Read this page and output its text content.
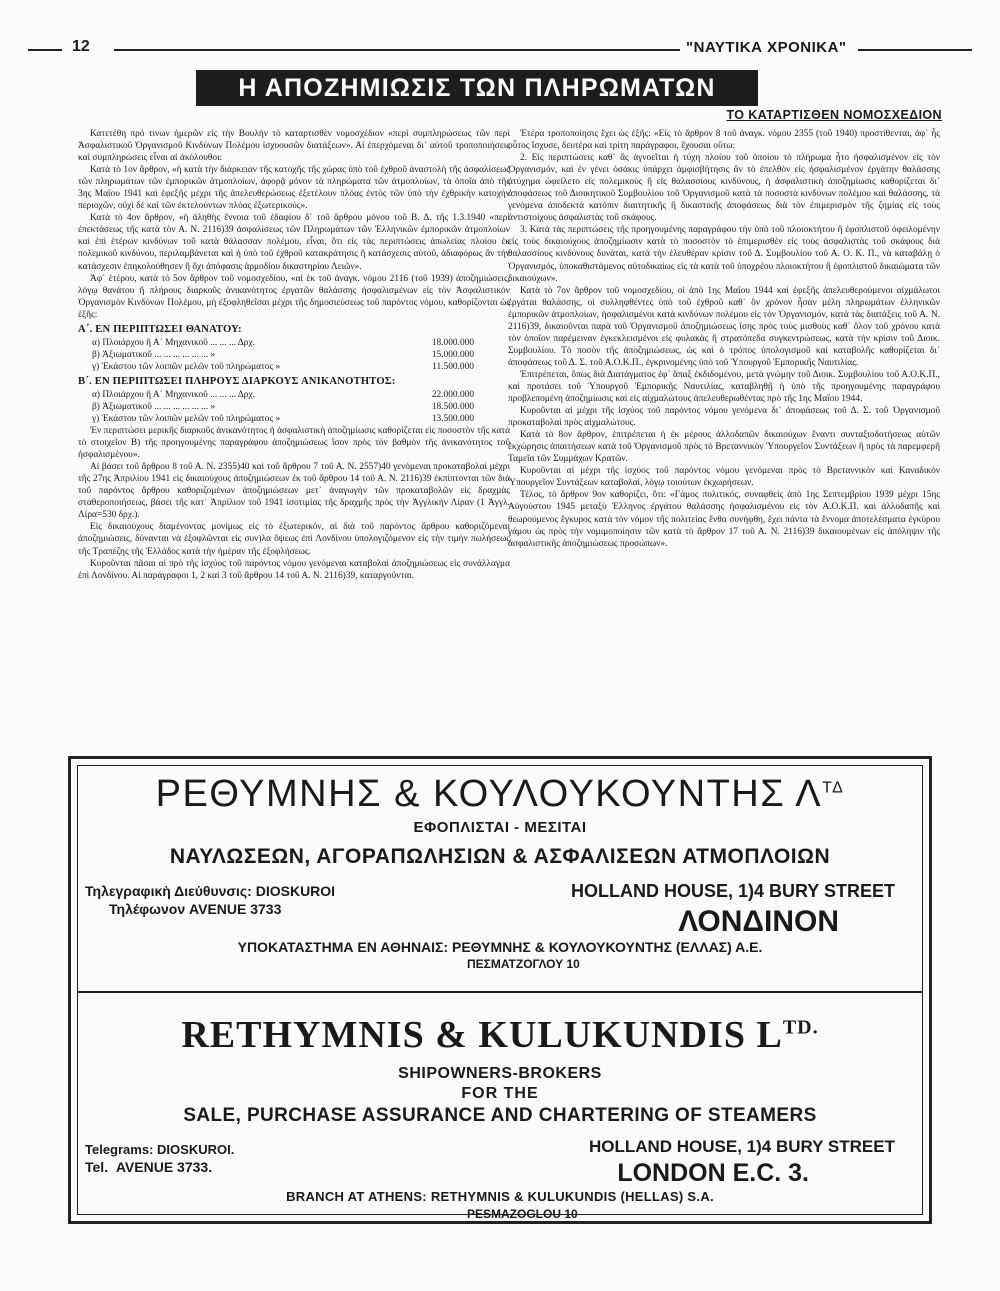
12	"ΝΑΥΤΙΚΑ ΧΡΟΝΙΚΑ"
Η ΑΠΟΖΗΜΙΩΣΙΣ ΤΩΝ ΠΛΗΡΩΜΑΤΩΝ
ΤΟ ΚΑΤΑΡΤΙΣΘΕΝ ΝΟΜΟΣΧΕΔΙΟΝ

Κατετέθη πρό τινων ἡμερῶν εἰς τὴν Βουλὴν τὸ καταρτισθὲν νομοσχέδιον «περὶ συμπληρώσεως τῶν περὶ Ἀσφαλιστικοῦ Ὀργανισμοῦ Κινδύνων Πολέμου ἰσχυουσῶν διατάξεων». Αἱ ἐπερχόμεναι δι᾽ αὐτοῦ τροποποιήσεις καὶ συμπληρώσεις εἶναι αἱ ἀκόλουθοι:

Κατὰ τὸ 1ον ἄρθρον, «ἡ κατὰ τὴν διάρκειαν τῆς κατοχῆς τῆς χώρας ὑπὸ τοῦ ἐχθροῦ ἀναστολὴ τῆς ἀσφαλίσεως τῶν πληρωμάτων τῶν ἐμπορικῶν ἀτμοπλοίων, ἀφορᾷ μόνον τὰ πληρώματα τῶν ἀτμοπλοίων, τὰ ὁποῖα ἀπὸ τῆς 3ης Μαΐου 1941 καὶ ἐφεξῆς μέχρι τῆς ἀπελευθερώσεως ἐξετέλουν πλόας ἐντὸς τῶν ὑπὸ τὴν ἐχθρικὴν κατοχὴν περιοχῶν, οὐχὶ δὲ καὶ τῶν ἐκτελούντων πλόας ἐξωτερικούς».

Κατὰ τὸ 4ον ἄρθρον, «ἡ ἀληθὴς ἔννοια τοῦ ἐδαφίου δ᾽ τοῦ ἄρθρου μόνου τοῦ Β. Δ. τῆς 1.3.1940 «περὶ ἐπεκτάσεως τῆς κατὰ τὸν Α. Ν. 2116)39 ἀσφαλίσεως τῶν Πληρωμάτων τῶν Ἑλληνικῶν ἐμπορικῶν ἀτμοπλοίων καὶ ἐπὶ ἑτέρων κινδύνων τοῦ κατὰ θάλασσαν πολέμου, εἶναι, ὅτι εἰς τὰς περιπτώσεις ἀπωλείας πλοίου ἐκ πολεμικοῦ κινδύνου, περιλαμβάνεται καὶ ἡ ὑπὸ τοῦ ἐχθροῦ κατακράτησις ἢ κατάσχεσις αὐτοῦ, ἀδιαφόρως ἂν τὴν κατάσχεσιν ἐπηκολούθησεν ἢ ὄχι ἀπόφασις ἁρμοδίου δικαστηρίου Λειῶν».

Ἀφ᾽ ἑτέρου, κατὰ τὸ 5ον ἄρθρον τοῦ νομοσχεδίου, «αἱ ἐκ τοῦ ἀναγκ. νόμου 2116 (τοῦ 1939) ἀποζημιώσεις, λόγῳ θανάτου ἢ πλήρους διαρκοῦς ἀνικανότητος ἐργατῶν θαλάσσης ἠσφαλισμένων εἰς τὸν Ἀσφαλιστικὸν Ὀργανισμὸν Κινδύνων Πολέμου, μὴ ἐξοφληθεῖσαι μέχρι τῆς δημοσιεύσεως τοῦ παρόντος νόμου, καθορίζονται ὡς ἑξῆς:

Α΄. ΕΝ ΠΕΡΙΠΤΩΣΕΙ ΘΑΝΑΤΟΥ:

α) Πλοιάρχου ἢ Α΄ Μηχανικοῦ ... ... ... Δρχ.	18.000.000
β) Ἀξιωματικοῦ ... ... ... ... ... ... »	15.000.000
γ) Ἑκάστου τῶν λοιπῶν μελῶν τοῦ πληρώματος »	11.500.000

Β΄. ΕΝ ΠΕΡΙΠΤΩΣΕΙ ΠΛΗΡΟΥΣ ΔΙΑΡΚΟΥΣ ΑΝΙΚΑΝΟΤΗΤΟΣ:

α) Πλοιάρχου ἢ Α΄ Μηχανικοῦ ... ... ... Δρχ.	22.000.000
β) Ἀξιωματικοῦ ... ... ... ... ... ... »	18.500.000
γ) Ἑκάστου τῶν λοιπῶν μελῶν τοῦ πληρώματος »	13.500.000

Ἐν περιπτώσει μερικῆς διαρκοῦς ἀνικανότητος ἡ ἀσφαλιστικὴ ἀποζημίωσις καθορίζεται εἰς ποσοστὸν τῆς κατὰ τὸ στοιχεῖον Β) τῆς προηγουμένης παραγράφου ἀποζημιώσεως ἴσον πρὸς τὸν βαθμὸν τῆς ἀνικανότητος τοῦ ἠσφαλισμένου».

Αἱ βάσει τοῦ ἄρθρου 8 τοῦ Α. Ν. 2355)40 καὶ τοῦ ἄρθρου 7 τοῦ Α. Ν. 2557)40 γενόμεναι προκαταβολαὶ μέχρι τῆς 27ης Ἀπριλίου 1941 εἰς δικαιούχους ἀποζημιώσεων ἐκ τοῦ ἄρθρου 14 τοῦ Α. Ν. 2116)39 ἐκπίπτονται τῶν διὰ τοῦ παρόντος ἄρθρου καθοριζομένων ἀποζημιώσεων μετ᾽ ἀναγωγὴν τῶν προκαταβολῶν εἰς δραχμὰς σταθεροποιήσεως, βάσει τῆς κατ᾽ Ἀπρίλιον τοῦ 1941 ἰσοτιμίας τῆς δραχμῆς πρὸς τὴν Ἀγγλικὴν Λίραν (1 Ἀγγλ. Λίρα=530 δρχ.).

Εἰς δικαιούχους διαμένοντας μονίμως εἰς τὸ ἐξωτερικόν, αἱ διὰ τοῦ παρόντος ἄρθρου καθοριζόμεναι ἀποζημιώσεις, δύνανται νὰ ἐξοφλῶνται εἰς συν)λα ὄψεως ἐπὶ Λονδίνου ὑπολογιζόμενον εἰς τὴν τιμὴν πωλήσεως τῆς Τραπέζης τῆς Ἑλλάδος κατὰ τὴν ἡμέραν τῆς ἐξοφλήσεως.

Κυροῦνται πᾶσαι αἱ πρὸ τῆς ἰσχύος τοῦ παρόντος νόμου γενόμεναι καταβολαὶ ἀποζημιώσεως εἰς συνάλλαγμα ἐπὶ Λονδίνου. Αἱ παράγραφοι 1, 2 καὶ 3 τοῦ ἄρθρου 14 τοῦ Α. Ν. 2116)39, καταργοῦνται.

Ἑτέρα τροποποίησις ἔχει ὡς ἑξῆς: «Εἰς τὸ ἄρθρον 8 τοῦ ἀναγκ. νόμου 2355 (τοῦ 1940) προστίθενται, ἀφ᾽ ἧς οὗτος ἴσχυσε, δευτέρα καὶ τρίτη παράγραφοι, ἔχουσαι οὕτω:

2. Εἰς περιπτώσεις καθ᾽ ἃς ἀγνοεῖται ἡ τύχη πλοίου τοῦ ὁποίου τὸ πλήρωμα ἦτο ἠσφαλισμένον εἰς τὸν Ὀργανισμόν, καὶ ἐν γένει ὁσάκις ὑπάρχει ἀμφισβήτησις ἂν τὸ ἐπελθὸν εἰς ἠσφαλισμένον ἐργάτην θαλάσσης ἀτύχημα ὠφείλετο εἰς πολεμικοὺς ἢ εἰς θαλασσίους κινδύνους, ἡ ἀσφαλιστικὴ ἀποζημίωσις καθορίζεται δι᾽ ἀποφάσεως τοῦ Διοικητικοῦ Συμβουλίου τοῦ Ὀργανισμοῦ κατὰ τὰ ποσοστὰ κινδύνων πολέμου καὶ θαλάσσης, τὰ γενόμενα ἀποδεκτὰ κατόπιν διαιτητικῆς ἢ δικαστικῆς ἀποφάσεως διὰ τὸν ἐπιμερισμὸν τῆς ζημίας εἰς τοὺς ἀντιστοίχους ἀσφαλιστὰς τοῦ σκάφους.

3. Κατὰ τὰς περιπτώσεις τῆς προηγουμένης παραγράφου τὴν ὑπὸ τοῦ πλοιοκτήτου ἢ ἐφοπλιστοῦ ὀφειλομένην εἰς τοὺς δικαιούχους ἀποζημίωσιν κατὰ τὸ ποσοστὸν τὸ ἐπιμερισθὲν εἰς τοὺς ἀσφαλιστὰς τοῦ σκάφους διὰ θαλασσίους κινδύνους δυνάται, κατὰ τὴν ἐλευθέραν κρίσιν τοῦ Δ. Συμβουλίου τοῦ Α. Ο. Κ. Π., νὰ καταβάλῃ ὁ Ὀργανισμός, ὑποκαθιστάμενος αὐτοδικαίως εἰς τὰ κατὰ τοῦ ὑποχρέου πλοιοκτήτου ἢ ἐφοπλιστοῦ δικαιώματα τῶν δικαιούχων».

Κατὰ τὸ 7ον ἄρθρον τοῦ νομοσχεδίου, οἱ ἀπὸ 1ης Μαΐου 1944 καὶ ἐφεξῆς ἀπελευθερούμενοι αἰχμάλωτοι ἐργάται θαλάσσης, οἱ συλληφθέντες ὑπὸ τοῦ ἐχθροῦ καθ᾽ ὃν χρόνον ἦσαν μέλη πληρωμάτων ἑλληνικῶν ἐμπορικῶν ἀτμοπλοίων, ἠσφαλισμένοι κατὰ κινδύνων πολέμου εἰς τὸν Ὀργανισμόν, κατὰ τὰς διατάξεις τοῦ Α. Ν. 2116)39, δικαιοῦνται παρὰ τοῦ Ὀργανισμοῦ ἀποζημιώσεως ἴσης πρὸς τοὺς μισθοὺς καθ᾽ ὅλον τοῦ χρόνου κατὰ τὸν ὁποῖον παρέμειναν ἐγκεκλεισμένοι εἰς φυλακὰς ἢ στρατόπεδα συγκεντρώσεως, κατὰ τὴν κρίσιν τοῦ Διοικ. Συμβουλίου. Τὸ ποσὸν τῆς ἀποζημιώσεως, ὡς καὶ ὁ τρόπος ὑπολογισμοῦ καὶ καταβολῆς καθορίζεται δι᾽ ἀποφάσεως τοῦ Δ. Σ. τοῦ Α.Ο.Κ.Π., ἐγκρινομένης ὑπὸ τοῦ Ὑπουργοῦ Ἐμπορικῆς Ναυτιλίας.

Ἐπιτρέπεται, ὅπως διὰ Διατάγματος ἐφ᾽ ἅπαξ ἐκδιδομένου, μετὰ γνώμην τοῦ Διοικ. Συμβουλίου τοῦ Α.Ο.Κ.Π., καὶ προτάσει τοῦ Ὑπουργοῦ Ἐμπορικῆς Ναυτιλίας, καταβληθῇ ἡ ὑπὸ τῆς προηγουμένης παραγράφου προβλεπομένη ἀποζημίωσις καὶ εἰς αἰχμαλώτους ἀπελευθερωθέντας πρὸ τῆς 1ης Μαΐου 1944.

Κυροῦνται αἱ μέχρι τῆς ἰσχύος τοῦ παρόντος νόμου γενόμενα δι᾽ ἀποφάσεως τοῦ Δ. Σ. τοῦ Ὀργανισμοῦ προκαταβολαὶ πρὸς αἰχμαλώτους.

Κατὰ τὸ 8ον ἄρθρον, ἐπιτρέπεται ἡ ἐκ μέρους ἀλλοδαπῶν δικαιούχων ἔναντι συνταξιοδοτήσεως αὐτῶν ἐκχώρησις ἀπαιτήσεων κατὰ τοῦ Ὀργανισμοῦ πρὸς τὸ Βρεταννικὸν Ὑπουργεῖον Συντάξεων ἢ πρὸς τὰ παρεμφερῆ Ταμεῖα τῶν Συμμάχων Κρατῶν.

Κυροῦνται αἱ μέχρι τῆς ἰσχύος τοῦ παρόντος νόμου γενόμεναι πρὸς τὸ Βρεταννικὸν καὶ Καναδικὸν Ὑπουργεῖον Συντάξεων καταβολαί, λόγῳ τοιούτων ἐκχωρήσεων.

Τέλος, τὸ ἄρθρον 9ον καθορίζει, ὅτι: «Γάμος πολιτικός, συναφθεὶς ἀπὸ 1ης Σεπτεμβρίου 1939 μέχρι 15ης Αὐγούστου 1945 μεταξὺ Ἑλληνος ἐργάτου θαλάσσης ἠσφαλισμένου εἰς τὸν Α.Ο.Κ.Π. καὶ ἀλλοδαπῆς καὶ θεωρούμενος ἔγκυρος κατὰ τὸν νόμον τῆς πολιτείας ἔνθα συνήφθη, ἔχει πάντα τὰ ἔννομα ἀποτελέσματα ἐγκύρου γάμου ὡς πρὸς τὴν νομιμοποίησιν τῶν κατὰ τὸ ἄρθρον 17 τοῦ Α. Ν. 2116)39 δικαιουμένων εἰς ἀπόληψιν τῆς ἀσφαλιστικῆς ἀποζημιώσεως προσώπων».

ΡΕΘΥΜΝΗΣ & ΚΟΥΛΟΥΚΟΥΝΤΗΣ $\Lambda^{T\Delta}$
ΕΦΟΠΛΙΣΤΑΙ - ΜΕΣΙΤΑΙ
ΝΑΥΛΩΣΕΩΝ, ΑΓΟΡΑΠΩΛΗΣΙΩΝ & ΑΣΦΑΛΙΣΕΩΝ ΑΤΜΟΠΛΟΙΩΝ
Τηλεγραφικὴ Διεύθυνσις: DIOSKUROI
Τηλέφωνον AVENUE 3733
HOLLAND HOUSE, 1)4 BURY STREET
ΛΟΝΔΙΝΟΝ
ΥΠΟΚΑΤΑΣΤΗΜΑ ΕΝ ΑΘΗΝΑΙΣ: ΡΕΘΥΜΝΗΣ & ΚΟΥΛΟΥΚΟΥΝΤΗΣ (ΕΛΛΑΣ) Α.Ε.
ΠΕΣΜΑΤΖΟΓΛΟΥ 10
RETHYMNIS & KULUKUNDIS $L^{TD.}$
SHIPOWNERS-BROKERS
FOR THE
SALE, PURCHASE ASSURANCE AND CHARTERING OF STEAMERS
Telegrams: DIOSKUROI.
Tel. AVENUE 3733.
HOLLAND HOUSE, 1)4 BURY STREET
LONDON E.C. 3.
BRANCH AT ATHENS: RETHYMNIS & KULUKUNDIS (HELLAS) S.A.
PESMAZOGLOU 10
